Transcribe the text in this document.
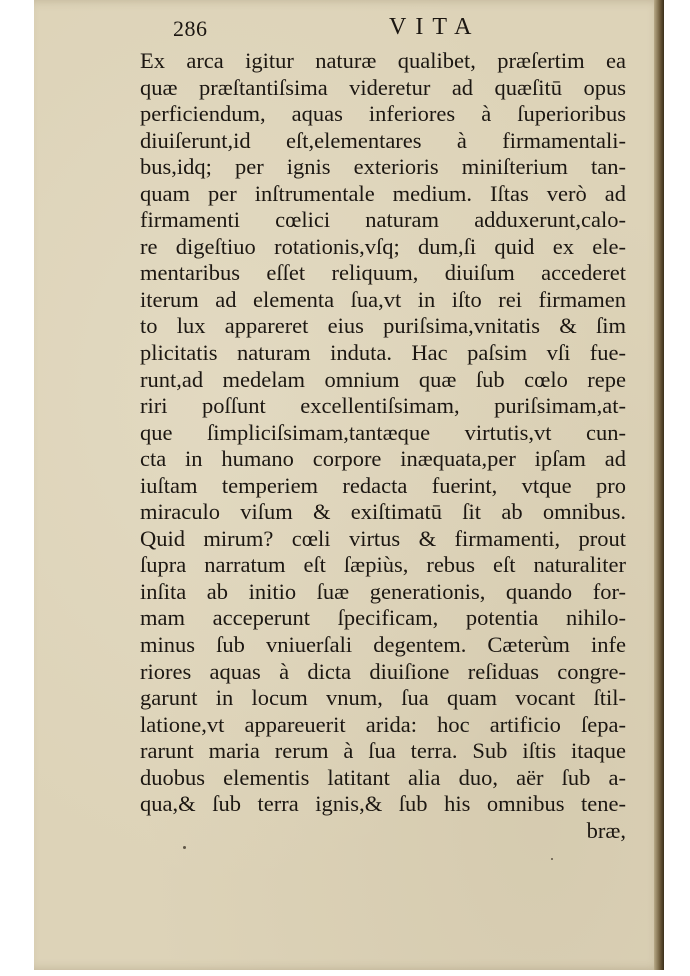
286	VITA
Ex arca igitur naturæ qualibet, præſertim ea
quæ præſtantiſsima videretur ad quæſitū opus
perficiendum, aquas inferiores à ſuperioribus
diuiſerunt,id eſt,elementares à firmamentali-
bus,idq; per ignis exterioris miniſterium tan-
quam per inſtrumentale medium. Iſtas verò ad
firmamenti cœlici naturam adduxerunt,calo-
re digeſtiuo rotationis,vſq; dum,ſi quid ex ele-
mentaribus eſſet reliquum, diuiſum accederet
iterum ad elementa ſua,vt in iſto rei firmamen
to lux appareret eius puriſsima,vnitatis & ſim
plicitatis naturam induta. Hac paſsim vſi fue-
runt,ad medelam omnium quæ ſub cœlo repe
riri poſſunt excellentiſsimam, puriſsimam,at-
que ſimpliciſsimam,tantæque virtutis,vt cun-
cta in humano corpore inæquata,per ipſam ad
iuſtam temperiem redacta fuerint, vtque pro
miraculo viſum & exiſtimatū ſit ab omnibus.
Quid mirum? cœli virtus & firmamenti, prout
ſupra narratum eſt ſæpiùs, rebus eſt naturaliter
inſita ab initio ſuæ generationis, quando for-
mam acceperunt ſpecificam, potentia nihilo-
minus ſub vniuerſali degentem. Cæterùm infe
riores aquas à dicta diuiſione reſiduas congre-
garunt in locum vnum, ſua quam vocant ſtil-
latione,vt appareuerit arida: hoc artificio ſepa-
rarunt maria rerum à ſua terra. Sub iſtis itaque
duobus elementis latitant alia duo, aër ſub a-
qua,& ſub terra ignis,& ſub his omnibus tene-
bræ,
